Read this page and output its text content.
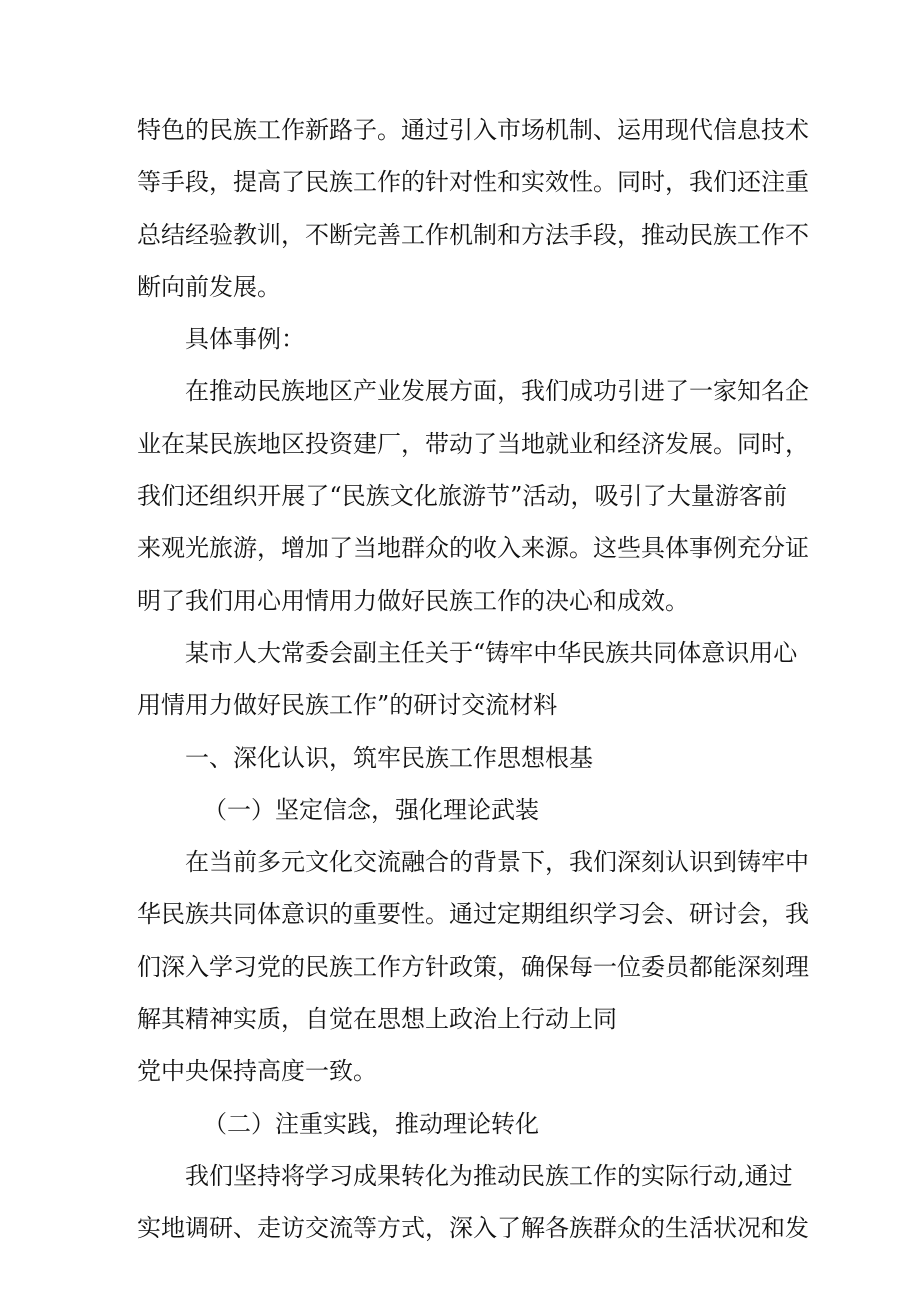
特色的民族工作新路子。通过引入市场机制、运用现代信息技术

等手段，提高了民族工作的针对性和实效性。同时，我们还注重

总结经验教训，不断完善工作机制和方法手段，推动民族工作不

断向前发展。

具体事例：

在推动民族地区产业发展方面，我们成功引进了一家知名企

业在某民族地区投资建厂，带动了当地就业和经济发展。同时，

我们还组织开展了“民族文化旅游节”活动，吸引了大量游客前

来观光旅游，增加了当地群众的收入来源。这些具体事例充分证

明了我们用心用情用力做好民族工作的决心和成效。

某市人大常委会副主任关于“铸牢中华民族共同体意识用心

用情用力做好民族工作”的研讨交流材料

一、深化认识，筑牢民族工作思想根基

（一）坚定信念，强化理论武装

在当前多元文化交流融合的背景下，我们深刻认识到铸牢中

华民族共同体意识的重要性。通过定期组织学习会、研讨会，我

们深入学习党的民族工作方针政策，确保每一位委员都能深刻理

解其精神实质，自觉在思想上政治上行动上同

党中央保持高度一致。

（二）注重实践，推动理论转化

我们坚持将学习成果转化为推动民族工作的实际行动,通过

实地调研、走访交流等方式，深入了解各族群众的生活状况和发
